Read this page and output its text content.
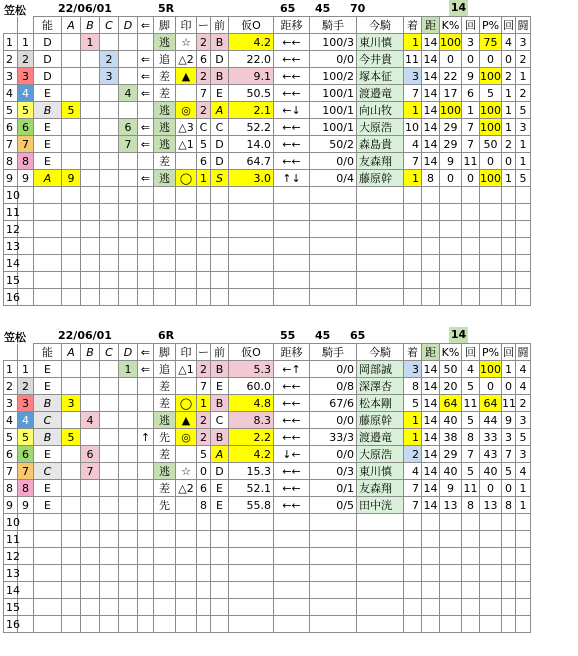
笠松	22/06/01	5R	65 45 70	14
		能	A	B	C	D	⇐	脚	印	ー	前	仮O	距移	騎手	今騎	着	距	K%	回	P%	回	闘
1	1	D		1				逃	☆	2	B	4.2	←←	100/3	東川慎	1	14	100	3	75	4	3
2	2	D			2		⇐	追	△2	6	D	22.0	←←	0/0	今井貴	11	14	0	0	0	0	2
3	3	D			3		⇐	差	▲	2	B	9.1	←←	100/2	塚本征	3	14	22	9	100	2	1
4	4	E				4	⇐	差		7	E	50.5	←←	100/1	渡邉竜	7	14	17	6	5	1	2
5	5	B	5					逃	◎	2	A	2.1	←↓	100/1	向山牧	1	14	100	1	100	1	5
6	6	E				6	⇐	逃	△3	C	C	52.2	←←	100/1	大原浩	10	14	29	7	100	1	3
7	7	E				7	⇐	逃	△1	5	D	14.0	←←	50/2	森島貴	4	14	29	7	50	2	1
8	8	E						差		6	D	64.7	←←	0/0	友森翔	7	14	9	11	0	0	1
9	9	A	9				⇐	逃	◯	1	S	3.0	↑↓	0/4	藤原幹	1	8	0	0	100	1	5
10																						
11																						
12																						
13																						
14																						
15																						
16																						
笠松	22/06/01	6R	55 45 65	14
		能	A	B	C	D	⇐	脚	印	ー	前	仮O	距移	騎手	今騎	着	距	K%	回	P%	回	闘
1	1	E				1	⇐	追	△1	2	B	5.3	←↑	0/0	岡部誠	3	14	50	4	100	1	4
2	2	E						差		7	E	60.0	←←	0/8	深澤杏	8	14	20	5	0	0	4
3	3	B	3					差	◯	1	B	4.8	←←	67/6	松本剛	5	14	64	11	64	11	2
4	4	C		4				逃	▲	2	C	8.3	←←	0/0	藤原幹	1	14	40	5	44	9	3
5	5	B	5				↑	先	◎	2	B	2.2	←←	33/3	渡邉竜	1	14	38	8	33	3	5
6	6	E		6				差		5	A	4.2	↓←	0/0	大原浩	2	14	29	7	43	7	3
7	7	C		7				逃	☆	0	D	15.3	←←	0/3	東川慎	4	14	40	5	40	5	4
8	8	E						差	△2	6	E	52.1	←←	0/1	友森翔	7	14	9	11	0	0	1
9	9	E						先		8	E	55.8	←←	0/5	田中洸	7	14	13	8	13	8	1
10																						
11																						
12																						
13																						
14																						
15																						
16																						
